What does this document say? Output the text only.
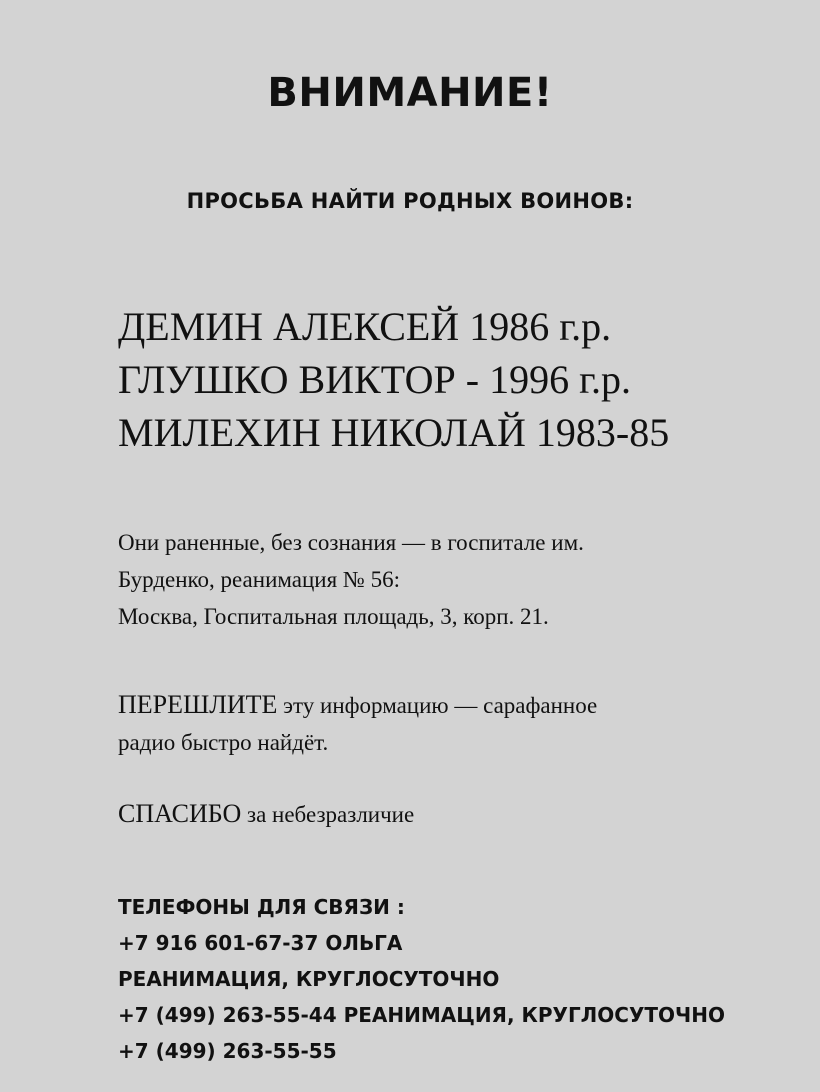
ВНИМАНИЕ!
ПРОСЬБА НАЙТИ РОДНЫХ ВОИНОВ:
ДЕМИН АЛЕКСЕЙ 1986 г.р.
ГЛУШКО ВИКТОР - 1996 г.р.
МИЛЕХИН НИКОЛАЙ 1983-85
Они раненные, без сознания — в госпитале им.
Бурденко, реанимация № 56:
Москва, Госпитальная площадь, 3, корп. 21.
ПЕРЕШЛИТЕ эту информацию — сарафанное
радио быстро найдёт.
СПАСИБО за небезразличие
ТЕЛЕФОНЫ ДЛЯ СВЯЗИ :
+7 916 601-67-37 ОЛЬГА
РЕАНИМАЦИЯ, КРУГЛОСУТОЧНО
+7 (499) 263-55-44 РЕАНИМАЦИЯ, КРУГЛОСУТОЧНО
+7 (499) 263-55-55
